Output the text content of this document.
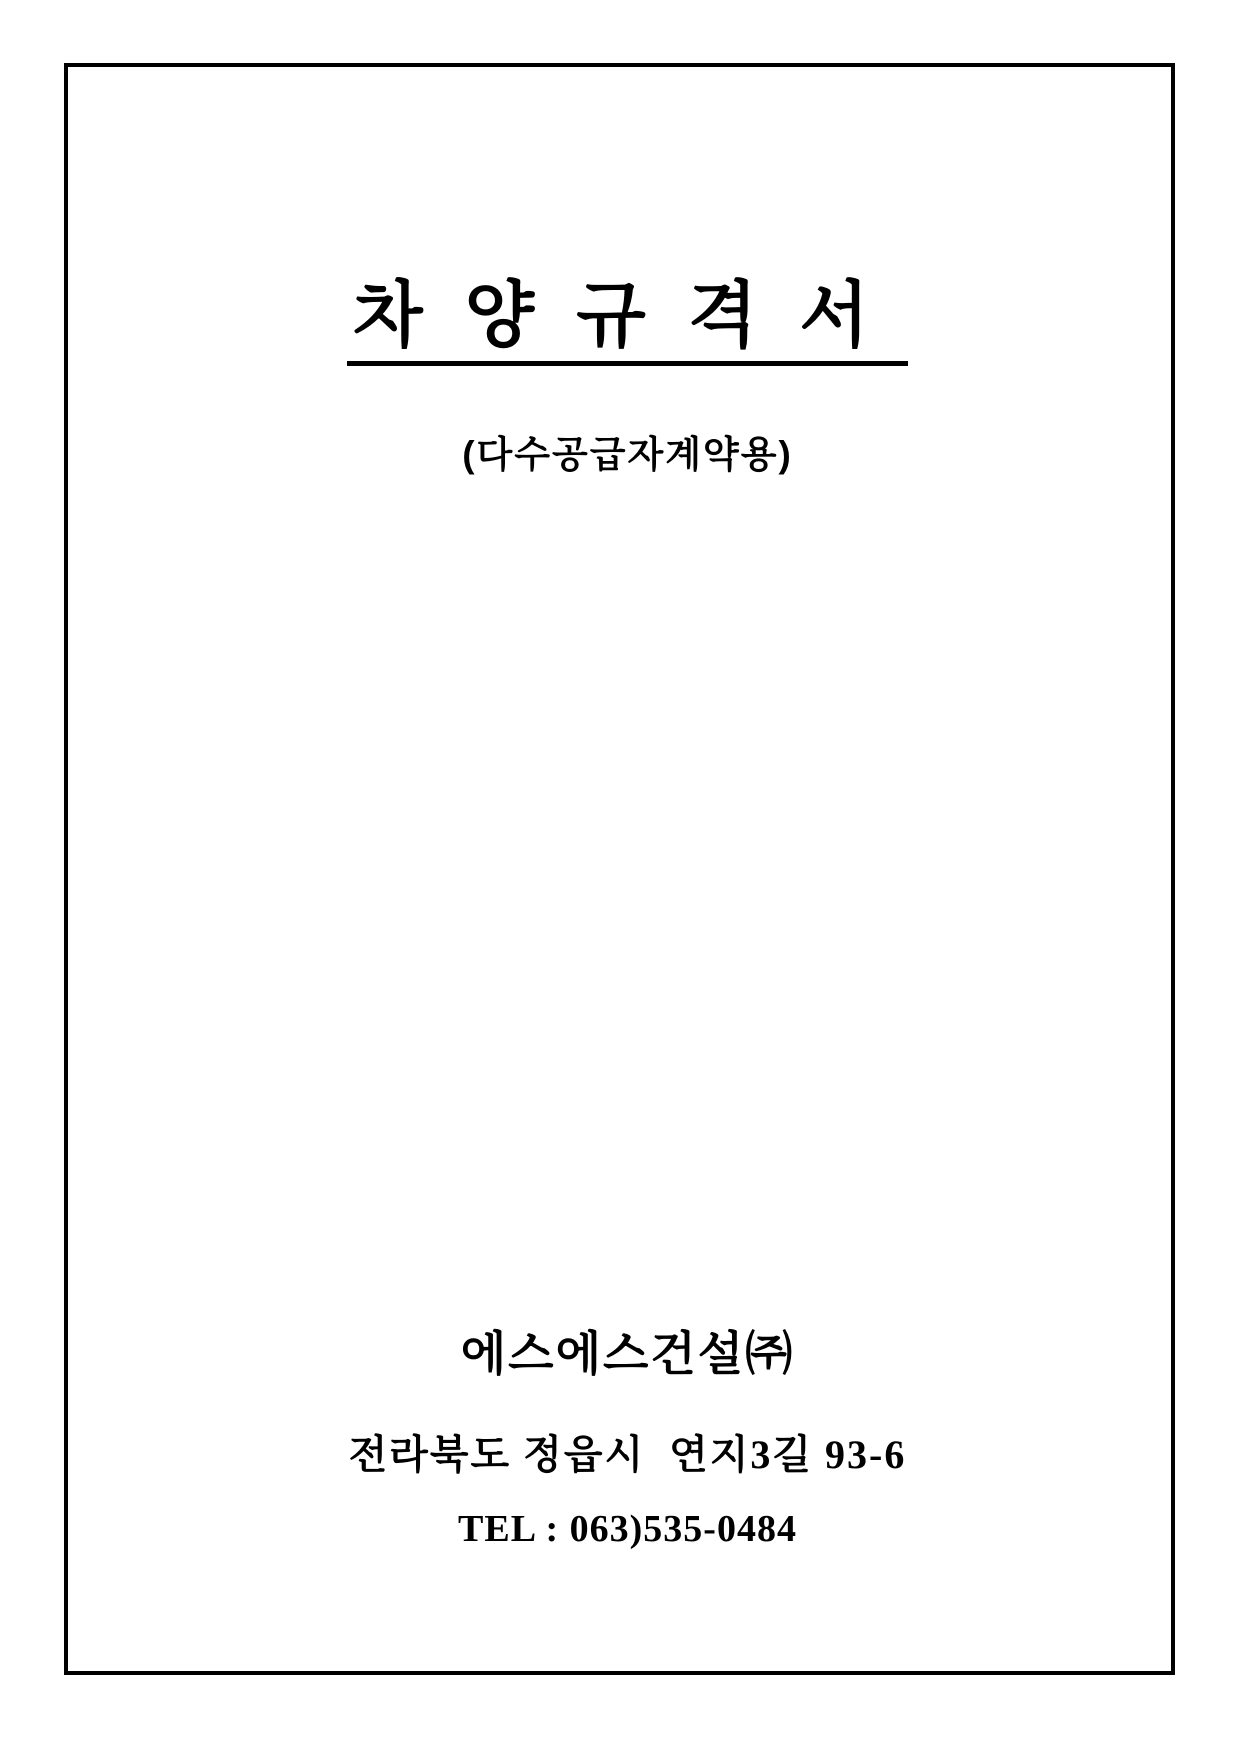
차 양 규 격 서

(다수공급자계약용)

에스에스건설㈜

전라북도 정읍시  연지3길 93-6

TEL : 063)535-0484
